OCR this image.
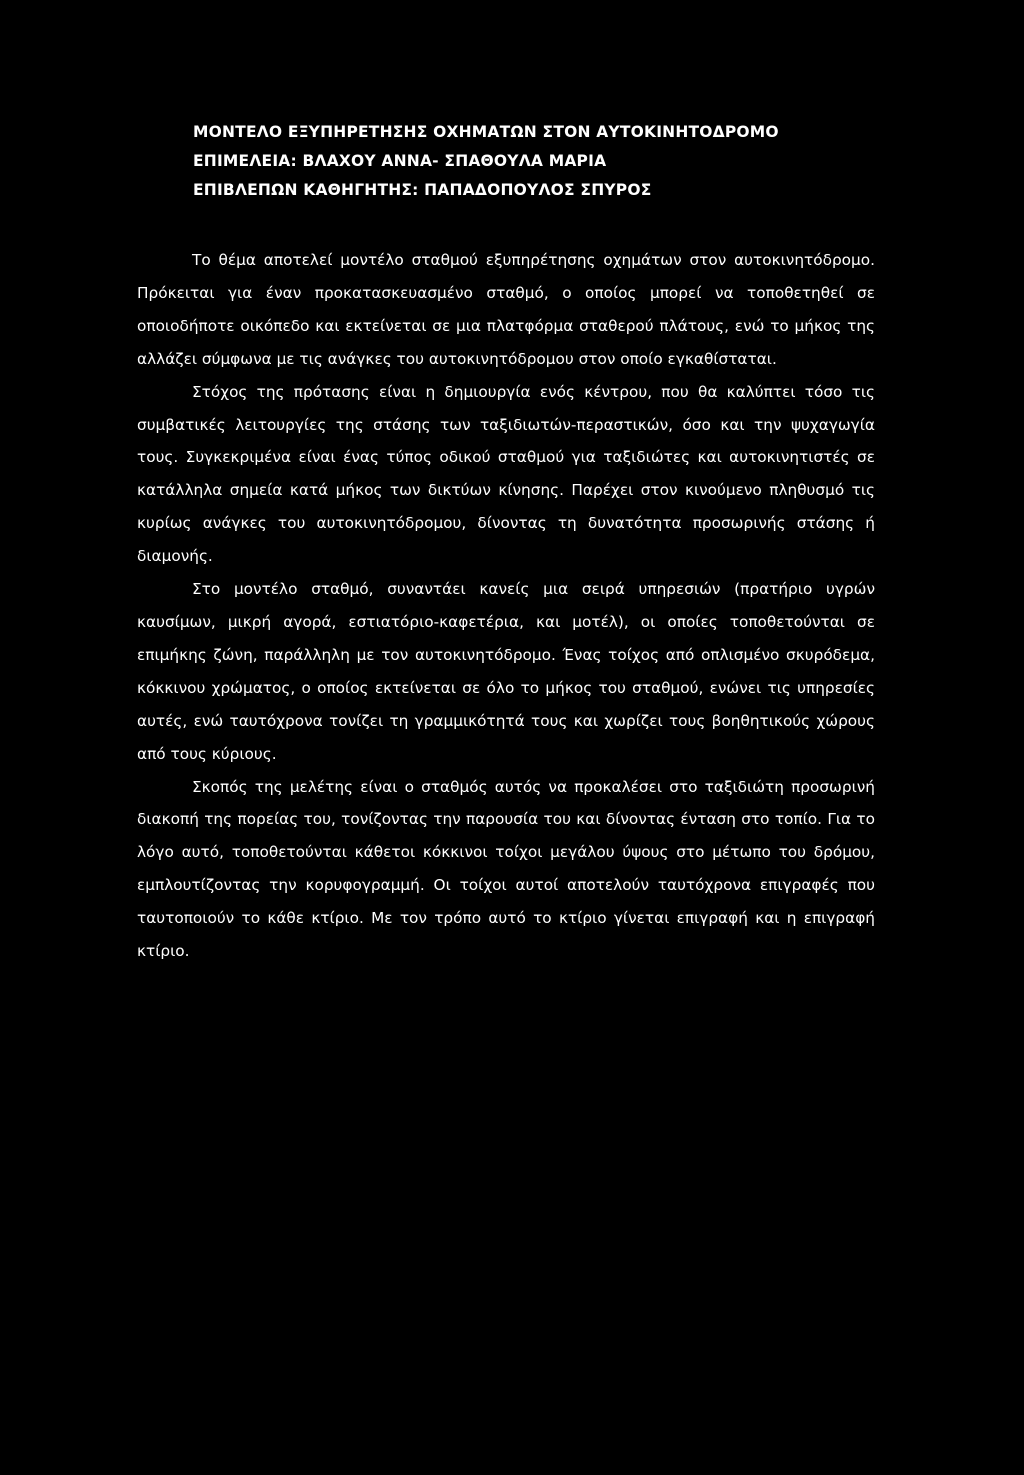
ΜΟΝΤΕΛΟ ΕΞΥΠΗΡΕΤΗΣΗΣ ΟΧΗΜΑΤΩΝ ΣΤΟΝ ΑΥΤΟΚΙΝΗΤΟΔΡΟΜΟ

ΕΠΙΜΕΛΕΙΑ: ΒΛΑΧΟΥ ΑΝΝΑ- ΣΠΑΘΟΥΛΑ ΜΑΡΙΑ

ΕΠΙΒΛΕΠΩΝ ΚΑΘΗΓΗΤΗΣ: ΠΑΠΑΔΟΠΟΥΛΟΣ ΣΠΥΡΟΣ

Το θέμα αποτελεί μοντέλο σταθμού εξυπηρέτησης οχημάτων στον αυτοκινητόδρομο. Πρόκειται για έναν προκατασκευασμένο σταθμό, ο οποίος μπορεί να τοποθετηθεί σε οποιοδήποτε οικόπεδο και εκτείνεται σε μια πλατφόρμα σταθερού πλάτους, ενώ το μήκος της αλλάζει σύμφωνα με τις ανάγκες του αυτοκινητόδρομου στον οποίο εγκαθίσταται.

Στόχος της πρότασης είναι η δημιουργία ενός κέντρου, που θα καλύπτει τόσο τις συμβατικές λειτουργίες της στάσης των ταξιδιωτών-περαστικών, όσο και την ψυχαγωγία τους. Συγκεκριμένα είναι ένας τύπος οδικού σταθμού για ταξιδιώτες και αυτοκινητιστές σε κατάλληλα σημεία κατά μήκος των δικτύων κίνησης. Παρέχει στον κινούμενο πληθυσμό τις κυρίως ανάγκες του αυτοκινητόδρομου, δίνοντας τη δυνατότητα προσωρινής στάσης ή διαμονής.

Στο μοντέλο σταθμό, συναντάει κανείς μια σειρά υπηρεσιών (πρατήριο υγρών καυσίμων, μικρή αγορά, εστιατόριο-καφετέρια, και μοτέλ), οι οποίες τοποθετούνται σε επιμήκης ζώνη, παράλληλη με τον αυτοκινητόδρομο. Ένας τοίχος από οπλισμένο σκυρόδεμα, κόκκινου χρώματος, ο οποίος εκτείνεται σε όλο το μήκος του σταθμού, ενώνει τις υπηρεσίες αυτές, ενώ ταυτόχρονα τονίζει τη γραμμικότητά τους και χωρίζει τους βοηθητικούς χώρους από τους κύριους.

Σκοπός της μελέτης είναι ο σταθμός αυτός να προκαλέσει στο ταξιδιώτη προσωρινή διακοπή της πορείας του, τονίζοντας την παρουσία του και δίνοντας ένταση στο τοπίο. Για το λόγο αυτό, τοποθετούνται κάθετοι κόκκινοι τοίχοι μεγάλου ύψους στο μέτωπο του δρόμου, εμπλουτίζοντας την κορυφογραμμή. Οι τοίχοι αυτοί αποτελούν ταυτόχρονα επιγραφές που ταυτοποιούν το κάθε κτίριο. Με τον τρόπο αυτό το κτίριο γίνεται επιγραφή και η επιγραφή κτίριο.
